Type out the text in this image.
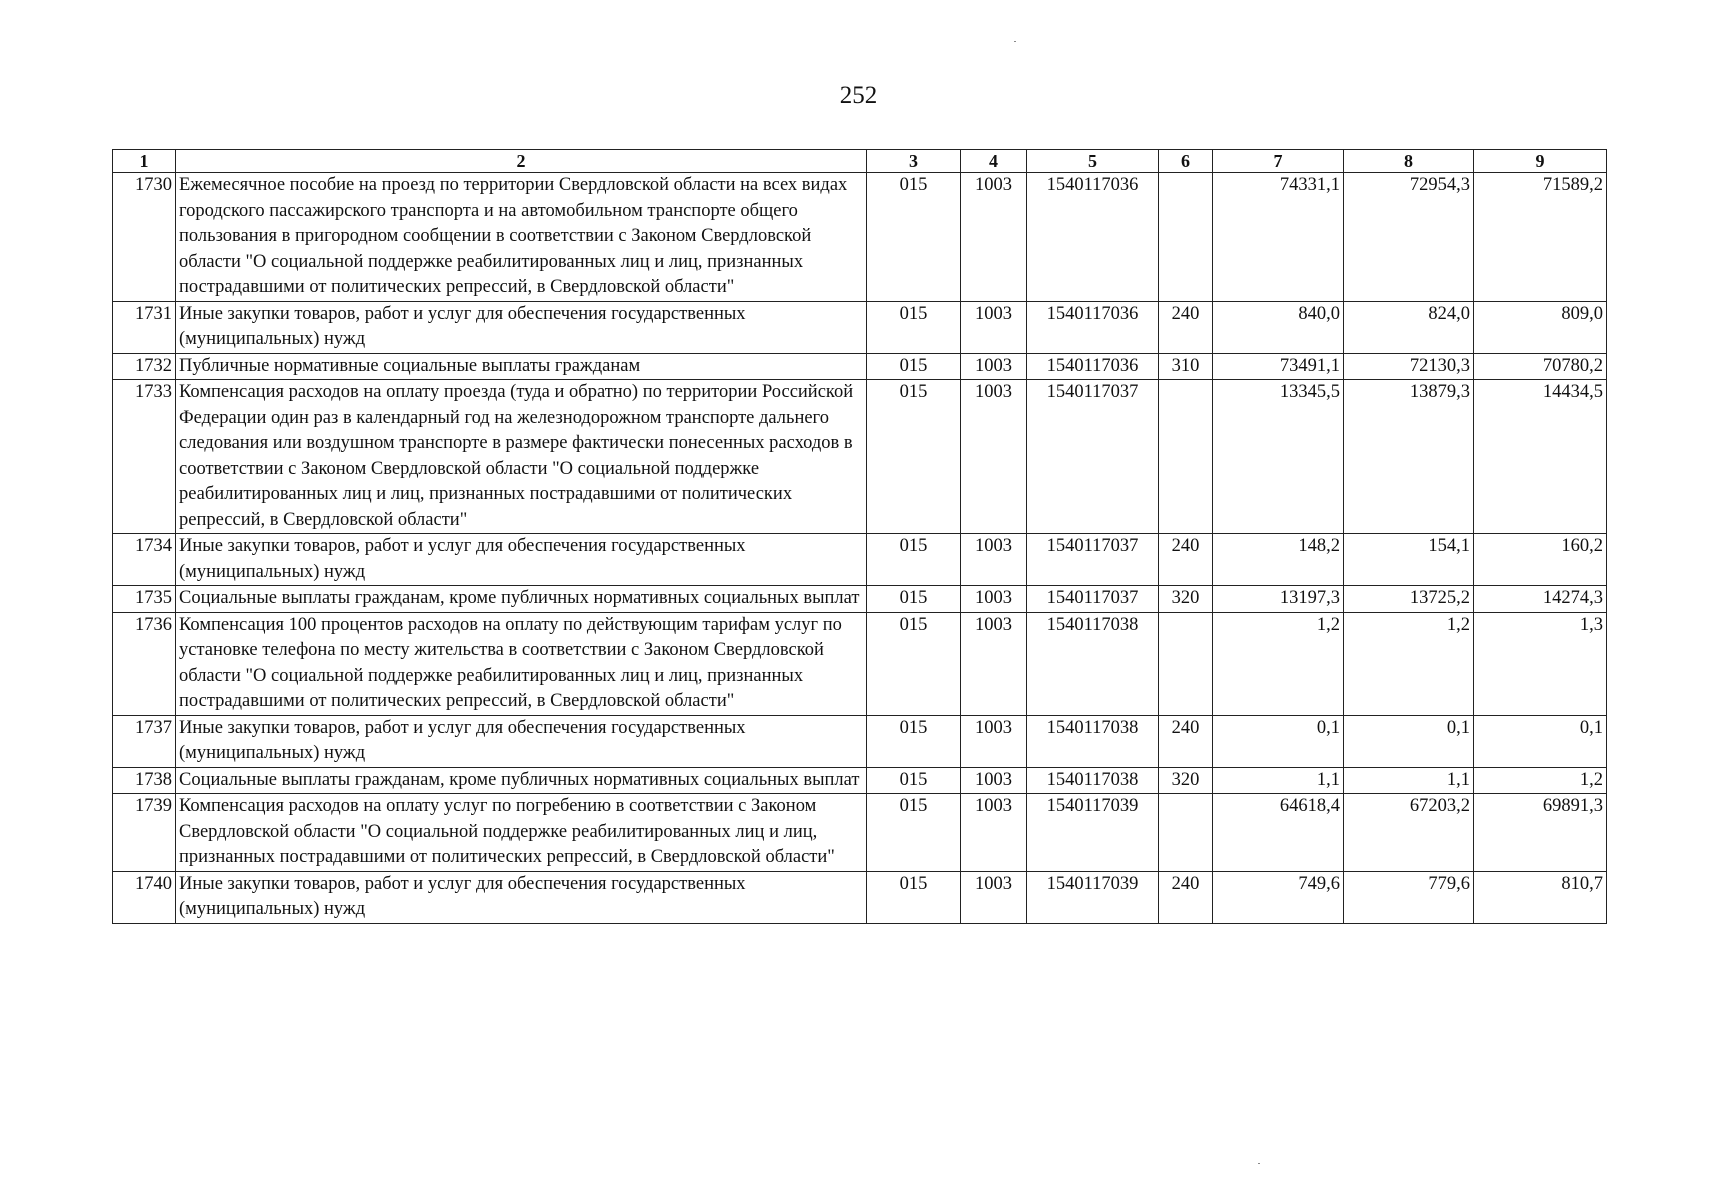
252
1	2	3	4	5	6	7	8	9
1730	Ежемесячное пособие на проезд по территории Свердловской области на всех видах городского пассажирского транспорта и на автомобильном транспорте общего пользования в пригородном сообщении в соответствии с Законом Свердловской области "О социальной поддержке реабилитированных лиц и лиц, признанных пострадавшими от политических репрессий, в Свердловской области"	015	1003	1540117036		74331,1	72954,3	71589,2
1731	Иные закупки товаров, работ и услуг для обеспечения государственных (муниципальных) нужд	015	1003	1540117036	240	840,0	824,0	809,0
1732	Публичные нормативные социальные выплаты гражданам	015	1003	1540117036	310	73491,1	72130,3	70780,2
1733	Компенсация расходов на оплату проезда (туда и обратно) по территории Российской Федерации один раз в календарный год на железнодорожном транспорте дальнего следования или воздушном транспорте в размере фактически понесенных расходов в соответствии с Законом Свердловской области "О социальной поддержке реабилитированных лиц и лиц, признанных пострадавшими от политических репрессий, в Свердловской области"	015	1003	1540117037		13345,5	13879,3	14434,5
1734	Иные закупки товаров, работ и услуг для обеспечения государственных (муниципальных) нужд	015	1003	1540117037	240	148,2	154,1	160,2
1735	Социальные выплаты гражданам, кроме публичных нормативных социальных выплат	015	1003	1540117037	320	13197,3	13725,2	14274,3
1736	Компенсация 100 процентов расходов на оплату по действующим тарифам услуг по установке телефона по месту жительства в соответствии с Законом Свердловской области "О социальной поддержке реабилитированных лиц и лиц, признанных пострадавшими от политических репрессий, в Свердловской области"	015	1003	1540117038		1,2	1,2	1,3
1737	Иные закупки товаров, работ и услуг для обеспечения государственных (муниципальных) нужд	015	1003	1540117038	240	0,1	0,1	0,1
1738	Социальные выплаты гражданам, кроме публичных нормативных социальных выплат	015	1003	1540117038	320	1,1	1,1	1,2
1739	Компенсация расходов на оплату услуг по погребению в соответствии с Законом Свердловской области "О социальной поддержке реабилитированных лиц и лиц, признанных пострадавшими от политических репрессий, в Свердловской области"	015	1003	1540117039		64618,4	67203,2	69891,3
1740	Иные закупки товаров, работ и услуг для обеспечения государственных (муниципальных) нужд	015	1003	1540117039	240	749,6	779,6	810,7
